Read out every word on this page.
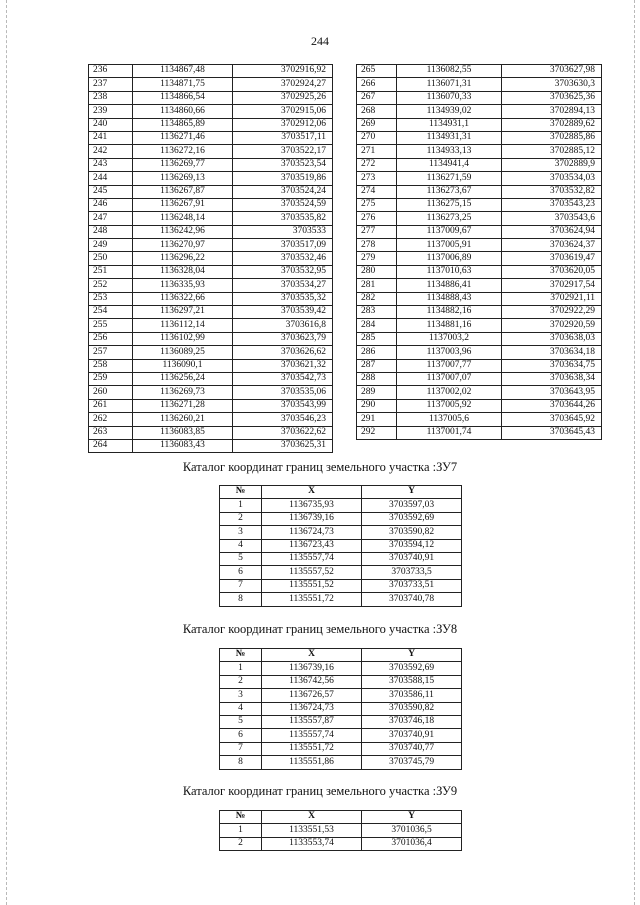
244
236	1134867,48	3702916,92
237	1134871,75	3702924,27
238	1134866,54	3702925,26
239	1134860,66	3702915,06
240	1134865,89	3702912,06
241	1136271,46	3703517,11
242	1136272,16	3703522,17
243	1136269,77	3703523,54
244	1136269,13	3703519,86
245	1136267,87	3703524,24
246	1136267,91	3703524,59
247	1136248,14	3703535,82
248	1136242,96	3703533
249	1136270,97	3703517,09
250	1136296,22	3703532,46
251	1136328,04	3703532,95
252	1136335,93	3703534,27
253	1136322,66	3703535,32
254	1136297,21	3703539,42
255	1136112,14	3703616,8
256	1136102,99	3703623,79
257	1136089,25	3703626,62
258	1136090,1	3703621,32
259	1136256,24	3703542,73
260	1136269,73	3703535,06
261	1136271,28	3703543,99
262	1136260,21	3703546,23
263	1136083,85	3703622,62
264	1136083,43	3703625,31
265	1136082,55	3703627,98
266	1136071,31	3703630,3
267	1136070,33	3703625,36
268	1134939,02	3702894,13
269	1134931,1	3702889,62
270	1134931,31	3702885,86
271	1134933,13	3702885,12
272	1134941,4	3702889,9
273	1136271,59	3703534,03
274	1136273,67	3703532,82
275	1136275,15	3703543,23
276	1136273,25	3703543,6
277	1137009,67	3703624,94
278	1137005,91	3703624,37
279	1137006,89	3703619,47
280	1137010,63	3703620,05
281	1134886,41	3702917,54
282	1134888,43	3702921,11
283	1134882,16	3702922,29
284	1134881,16	3702920,59
285	1137003,2	3703638,03
286	1137003,96	3703634,18
287	1137007,77	3703634,75
288	1137007,07	3703638,34
289	1137002,02	3703643,95
290	1137005,92	3703644,26
291	1137005,6	3703645,92
292	1137001,74	3703645,43
Каталог координат границ земельного участка :ЗУ7
№	X	Y
1	1136735,93	3703597,03
2	1136739,16	3703592,69
3	1136724,73	3703590,82
4	1136723,43	3703594,12
5	1135557,74	3703740,91
6	1135557,52	3703733,5
7	1135551,52	3703733,51
8	1135551,72	3703740,78
Каталог координат границ земельного участка :ЗУ8
№	X	Y
1	1136739,16	3703592,69
2	1136742,56	3703588,15
3	1136726,57	3703586,11
4	1136724,73	3703590,82
5	1135557,87	3703746,18
6	1135557,74	3703740,91
7	1135551,72	3703740,77
8	1135551,86	3703745,79
Каталог координат границ земельного участка :ЗУ9
№	X	Y
1	1133551,53	3701036,5
2	1133553,74	3701036,4
